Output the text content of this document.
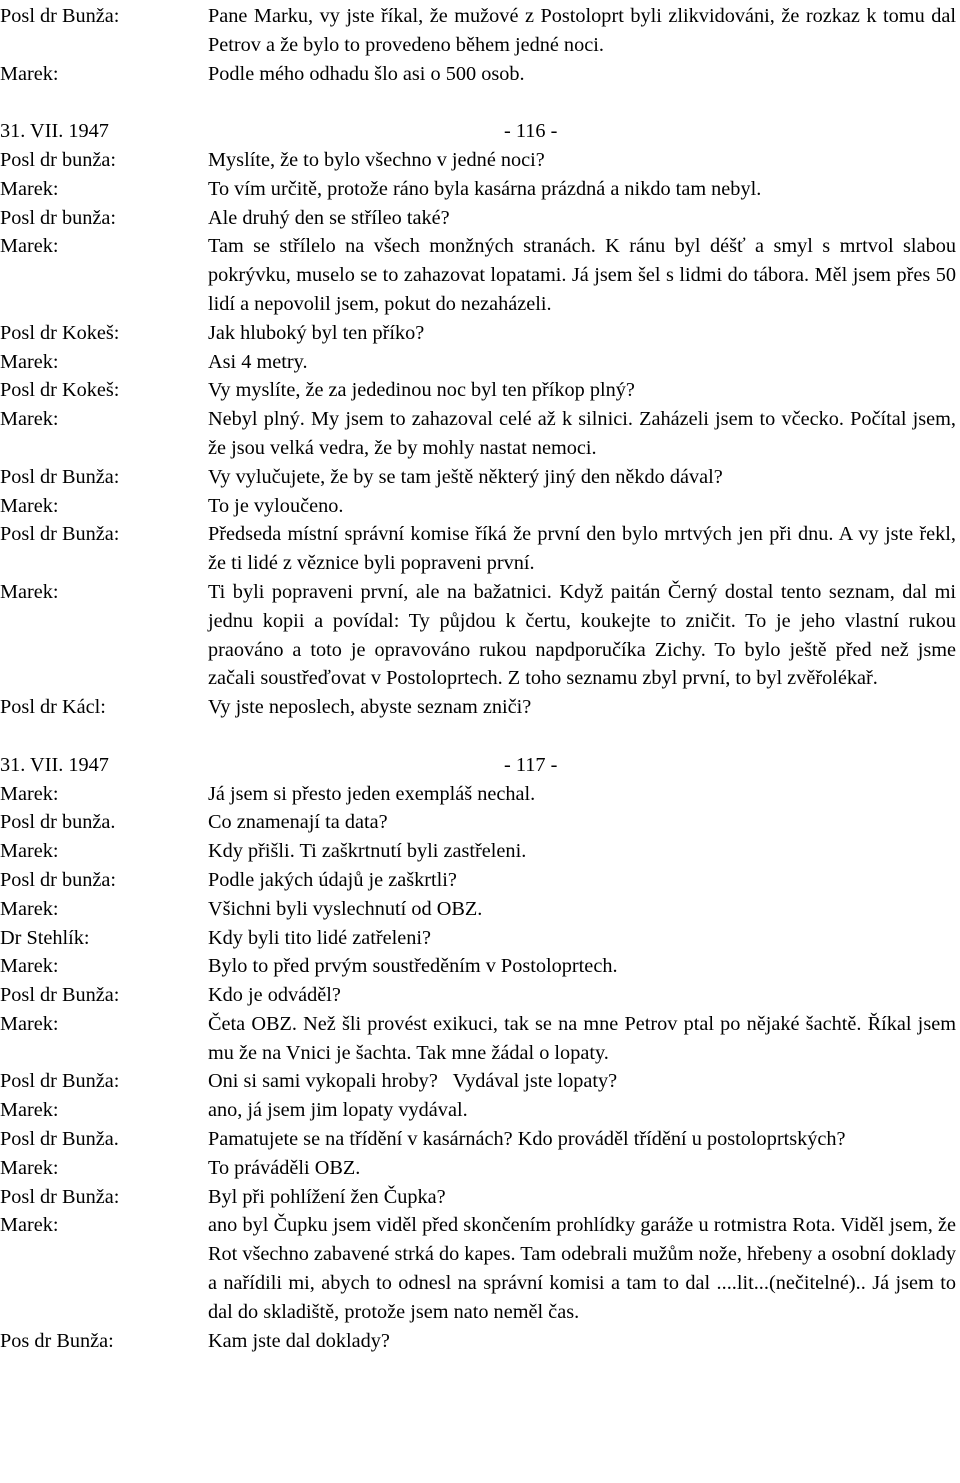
Posl dr Bunža:	Pane Marku, vy jste říkal, že mužové z Postoloprt byli zlikvidováni, že rozkaz k tomu dal Petrov a že bylo to provedeno během jedné noci.
Marek:	Podle mého odhadu šlo asi o 500 osob.
31. VII. 1947	- 116 -
Posl dr bunža:	Myslíte, že to bylo všechno v jedné noci?
Marek:	To vím určitě, protože ráno byla kasárna prázdná a nikdo tam nebyl.
Posl dr bunža:	Ale druhý den se stříleo také?
Marek:	Tam se střílelo na všech monžných stranách. K ránu byl déšť a smyl s mrtvol slabou pokrývku, muselo se to zahazovat lopatami. Já jsem šel s lidmi do tábora. Měl jsem přes 50 lidí a nepovolil jsem, pokut do nezaházeli.
Posl dr Kokeš:	Jak hluboký byl ten příko?
Marek:	Asi 4 metry.
Posl dr Kokeš:	Vy myslíte, že za jededinou noc byl ten příkop plný?
Marek:	Nebyl plný. My jsem to zahazoval celé až k silnici. Zaházeli jsem to včecko. Počítal jsem, že jsou velká vedra, že by mohly nastat nemoci.
Posl dr Bunža:	Vy vylučujete, že by se tam ještě některý jiný den někdo dával?
Marek:	To je vyloučeno.
Posl dr Bunža:	Předseda místní správní komise říká že první den bylo mrtvých jen při dnu. A vy jste řekl, že ti lidé z věznice byli popraveni první.
Marek:	Ti byli popraveni první, ale na bažatnici. Když paitán Černý dostal tento seznam, dal mi jednu kopii a povídal: Ty půjdou k čertu, koukejte to zničit. To je jeho vlastní rukou praováno a toto je opravováno rukou napdporučíka Zichy. To bylo ještě před než jsme začali soustřeďovat v Postoloprtech. Z toho seznamu zbyl první, to byl zvěřolékař.
Posl dr Kácl:	Vy jste neposlech, abyste seznam zniči?
31. VII. 1947	- 117 -
Marek:	Já jsem si přesto jeden exempláš nechal.
Posl dr bunža.	Co znamenají ta data?
Marek:	Kdy přišli. Ti zaškrtnutí byli zastřeleni.
Posl dr bunža:	Podle jakých údajů je zaškrtli?
Marek:	Všichni byli vyslechnutí od OBZ.
Dr Stehlík:	Kdy byli tito lidé zatřeleni?
Marek:	Bylo to před prvým soustředěním v Postoloprtech.
Posl dr Bunža:	Kdo je odváděl?
Marek:	Četa OBZ. Než šli provést exikuci, tak se na mne Petrov ptal po nějaké šachtě. Říkal jsem mu že na Vnici je šachta. Tak mne žádal o lopaty.
Posl dr Bunža:	Oni si sami vykopali hroby?   Vydával jste lopaty?
Marek:	ano, já jsem jim lopaty vydával.
Posl dr Bunža.	Pamatujete se na třídění v kasárnách? Kdo prováděl třídění u postoloprtských?
Marek:	To práváděli OBZ.
Posl dr Bunža:	Byl při pohlížení žen Čupka?
Marek:	ano byl Čupku jsem viděl před skončením prohlídky garáže u rotmistra Rota. Viděl jsem, že Rot všechno zabavené strká do kapes. Tam odebrali mužům nože, hřebeny a osobní doklady a nařídili mi, abych to odnesl na správní komisi a tam to dal ....lit...(nečitelné).. Já jsem to dal do skladiště, protože jsem nato neměl čas.
Pos dr Bunža:	Kam jste dal doklady?
